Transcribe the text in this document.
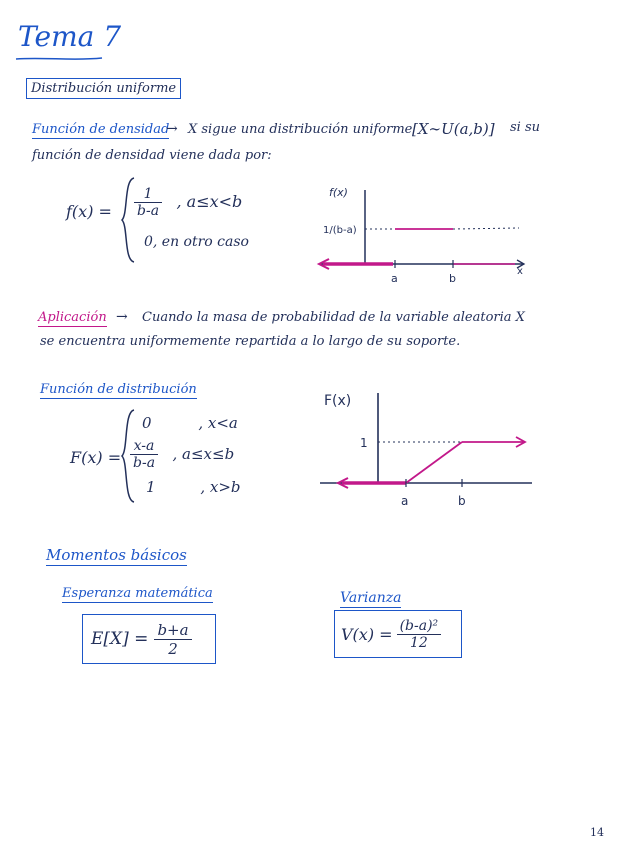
Tema 7
Distribución uniforme
Función de densidad
→ X sigue una distribución uniforme [X∼U(a,b)] si su
función de densidad viene dada por:
$f(x) = \frac{1}{b-a}$ , a≤x<b
0, en otro caso
f(x)
1/(b-a)
a	b
x
Aplicación → Cuando la masa de probabilidad de la variable aleatoria X
se encuentra uniformemente repartida a lo largo de su soporte.
Función de distribución
F(x) =
0	, x<a
$\frac{x-a}{b-a}$ , a≤x≤b
1	, x>b
F(x)
1
a	b
Momentos básicos
Esperanza matemática
$E[X] = \frac{b+a}{2}$
Varianza
$V(x) = \frac{\text{(b-a)²}}{12}$
14
